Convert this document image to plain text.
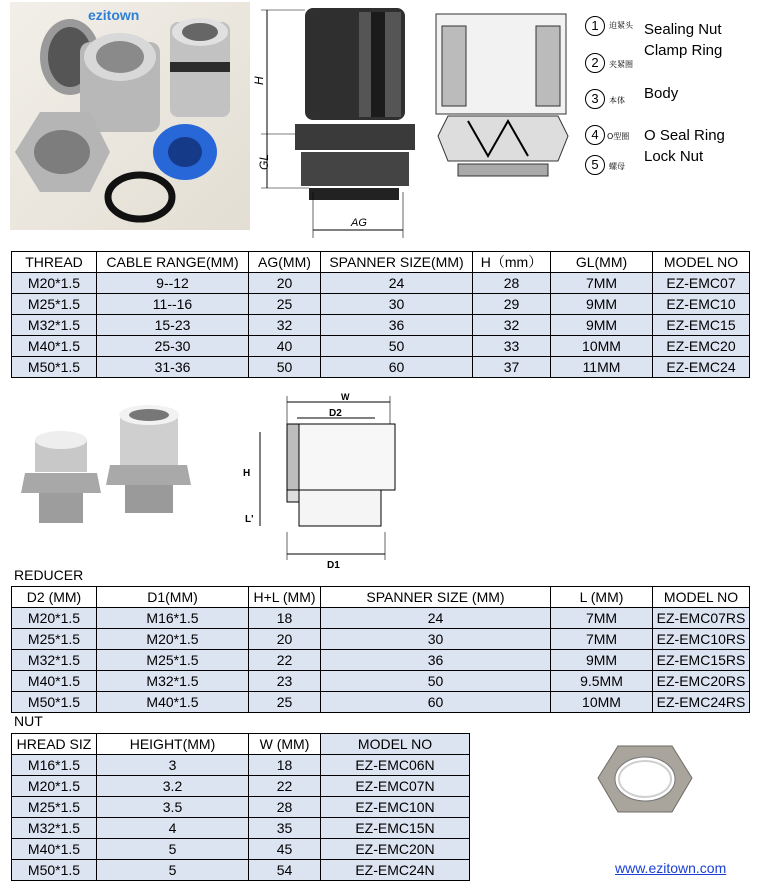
ezitown
H
GL
AG
1	迫紧头 Sealing Nut
2	夹紧圈
Clamp Ring
3	本体 Body
4	O型圈 O Seal Ring
5	螺母
Lock Nut
THREAD	CABLE RANGE(MM)	AG(MM)	SPANNER SIZE(MM)	H（mm）	GL(MM)	MODEL NO
M20*1.5	9--12	20	24	28	7MM	EZ-EMC07
M25*1.5	11--16	25	30	29	9MM	EZ-EMC10
M32*1.5	15-23	32	36	32	9MM	EZ-EMC15
M40*1.5	25-30	40	50	33	10MM	EZ-EMC20
M50*1.5	31-36	50	60	37	11MM	EZ-EMC24
W
D2
H
L'
D1
REDUCER
D2 (MM)	D1(MM)	H+L (MM)	SPANNER SIZE (MM)	L (MM)	MODEL NO
M20*1.5	M16*1.5	18	24	7MM	EZ-EMC07RS
M25*1.5	M20*1.5	20	30	7MM	EZ-EMC10RS
M32*1.5	M25*1.5	22	36	9MM	EZ-EMC15RS
M40*1.5	M32*1.5	23	50	9.5MM	EZ-EMC20RS
M50*1.5	M40*1.5	25	60	10MM	EZ-EMC24RS
NUT
HREAD SIZ	HEIGHT(MM)	W (MM)	MODEL NO
M16*1.5	3	18	EZ-EMC06N
M20*1.5	3.2	22	EZ-EMC07N
M25*1.5	3.5	28	EZ-EMC10N
M32*1.5	4	35	EZ-EMC15N
M40*1.5	5	45	EZ-EMC20N
M50*1.5	5	54	EZ-EMC24N	www.ezitown.com
